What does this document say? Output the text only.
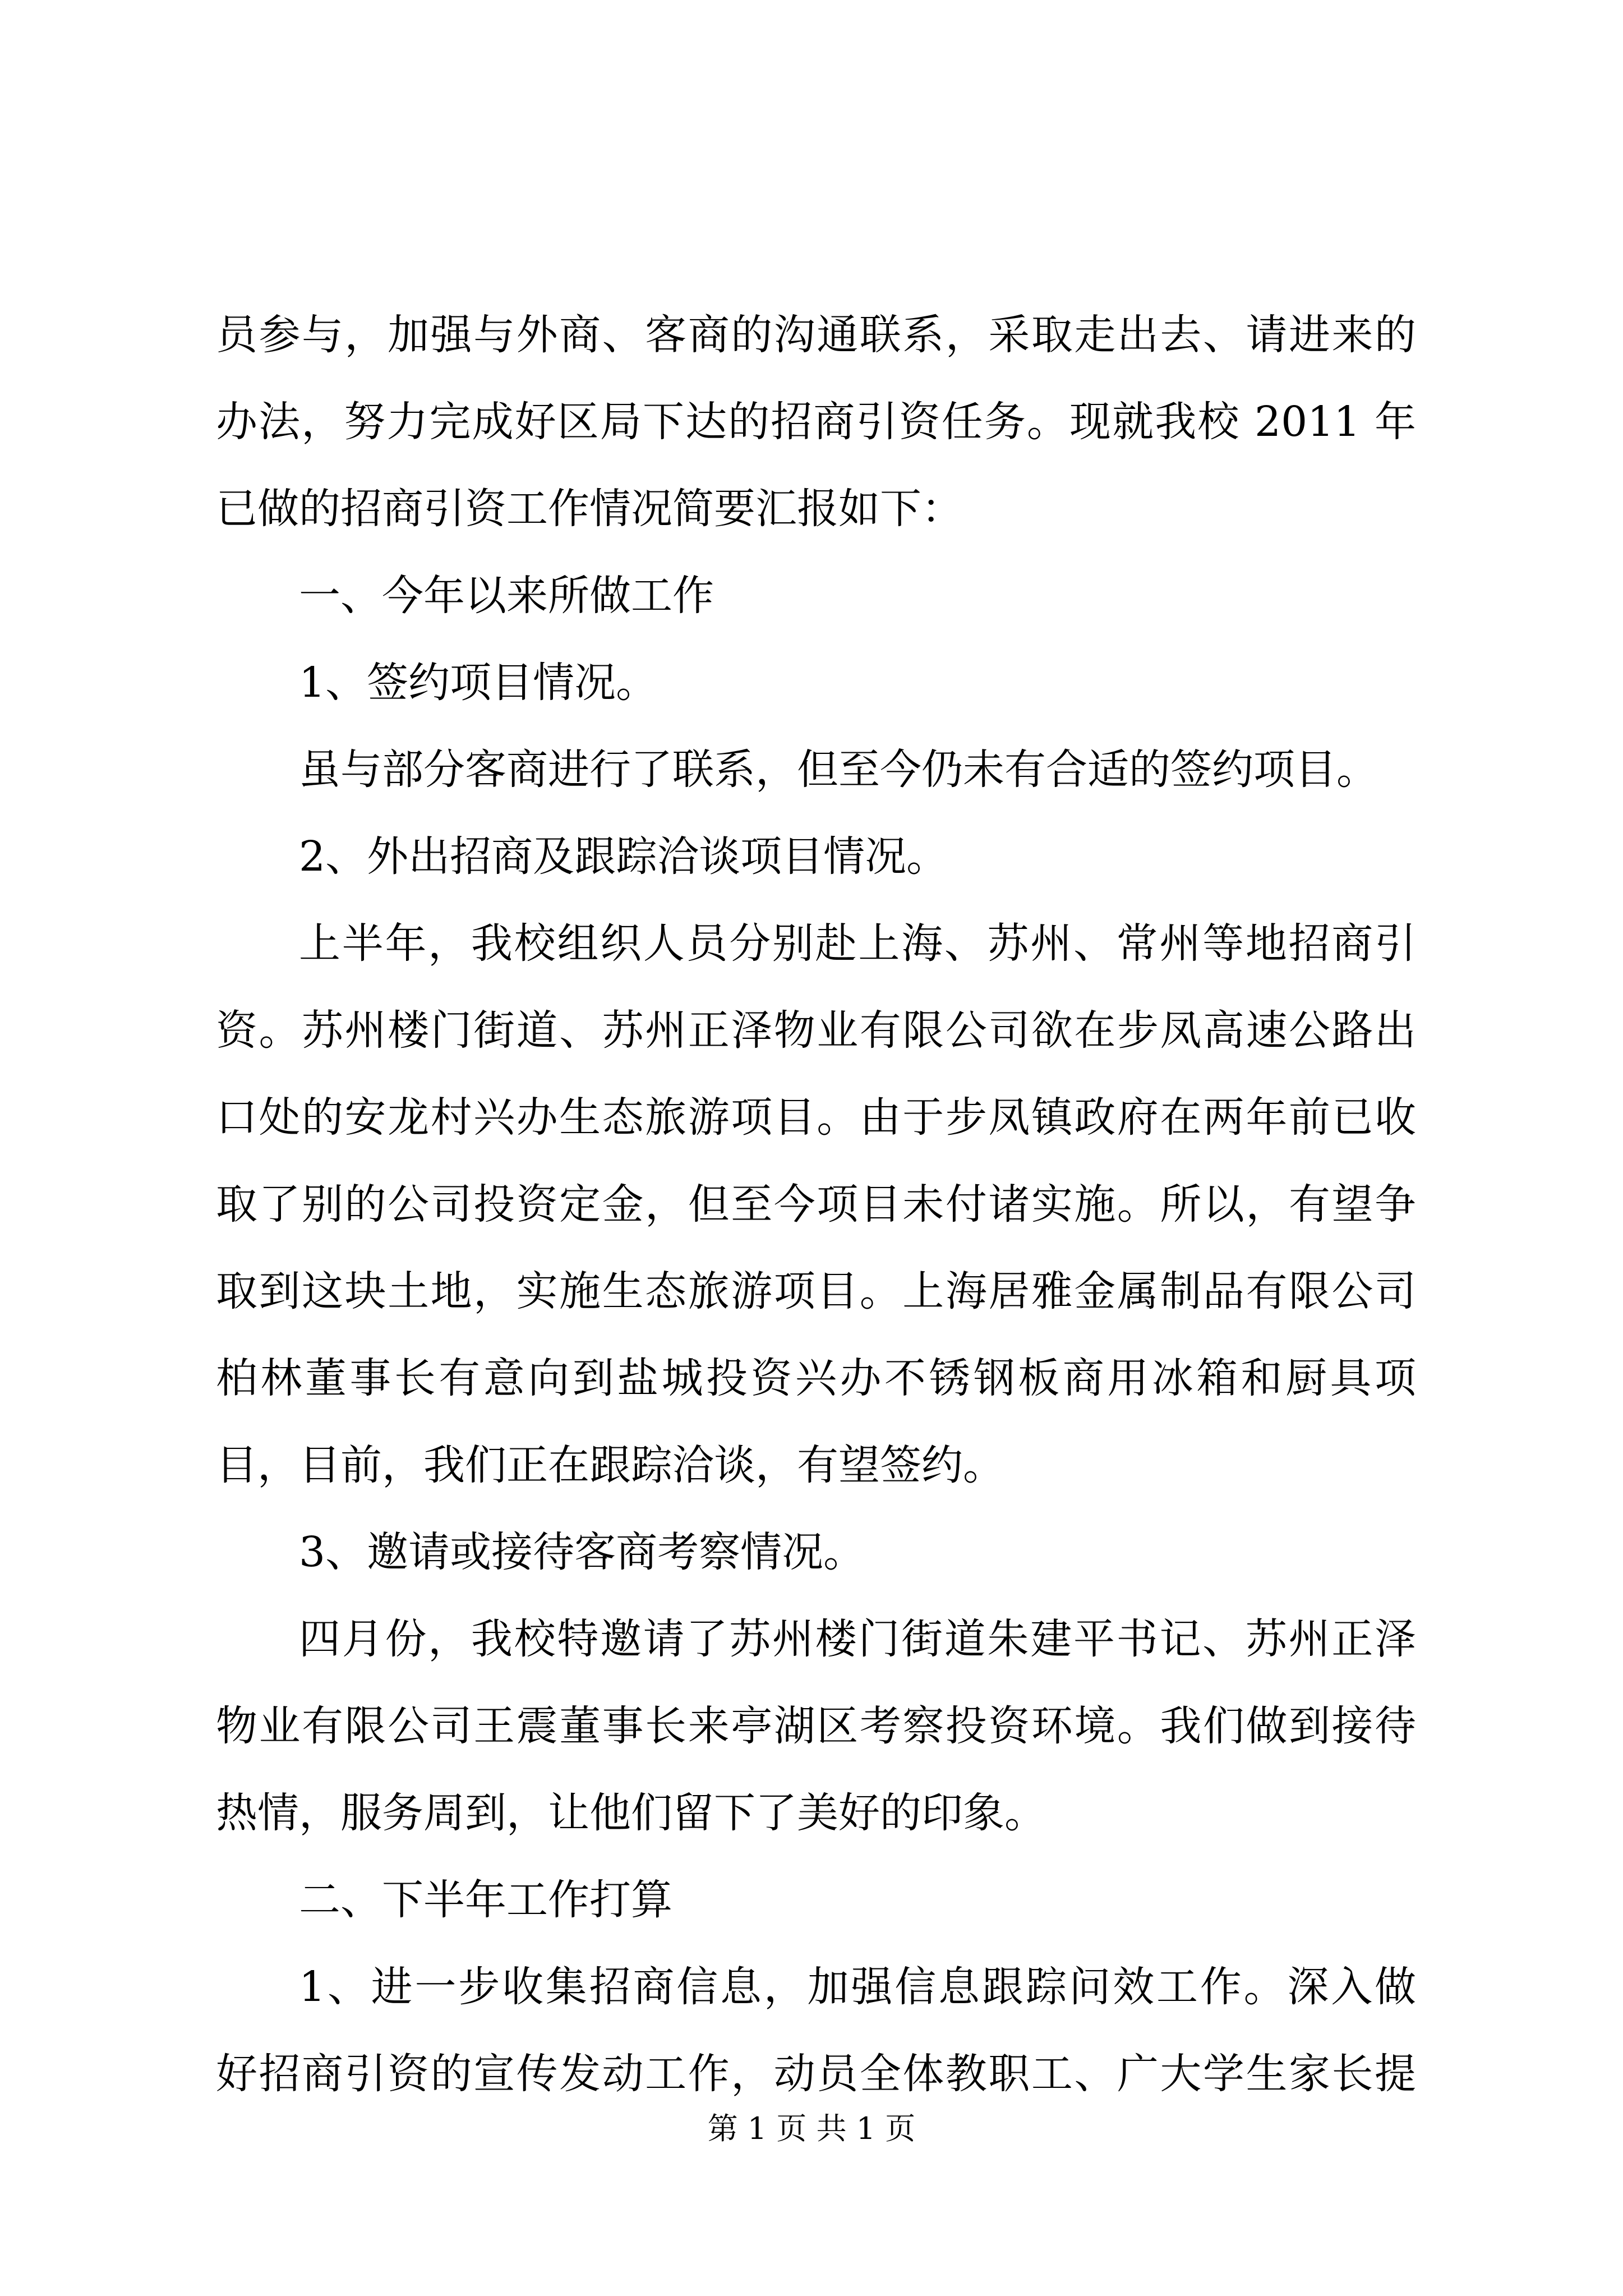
员参与，加强与外商、客商的沟通联系，采取走出去、请进来的
办法，努力完成好区局下达的招商引资任务。现就我校 2011 年
已做的招商引资工作情况简要汇报如下：
一、今年以来所做工作
1、签约项目情况。
虽与部分客商进行了联系，但至今仍未有合适的签约项目。
2、外出招商及跟踪洽谈项目情况。
上半年，我校组织人员分别赴上海、苏州、常州等地招商引
资。苏州楼门街道、苏州正泽物业有限公司欲在步凤高速公路出
口处的安龙村兴办生态旅游项目。由于步凤镇政府在两年前已收
取了别的公司投资定金，但至今项目未付诸实施。所以，有望争
取到这块土地，实施生态旅游项目。上海居雅金属制品有限公司
柏林董事长有意向到盐城投资兴办不锈钢板商用冰箱和厨具项
目，目前，我们正在跟踪洽谈，有望签约。
3、邀请或接待客商考察情况。
四月份，我校特邀请了苏州楼门街道朱建平书记、苏州正泽
物业有限公司王震董事长来亭湖区考察投资环境。我们做到接待
热情，服务周到，让他们留下了美好的印象。
二、下半年工作打算
1、进一步收集招商信息，加强信息跟踪问效工作。深入做
好招商引资的宣传发动工作，动员全体教职工、广大学生家长提
第 1 页 共 1 页
